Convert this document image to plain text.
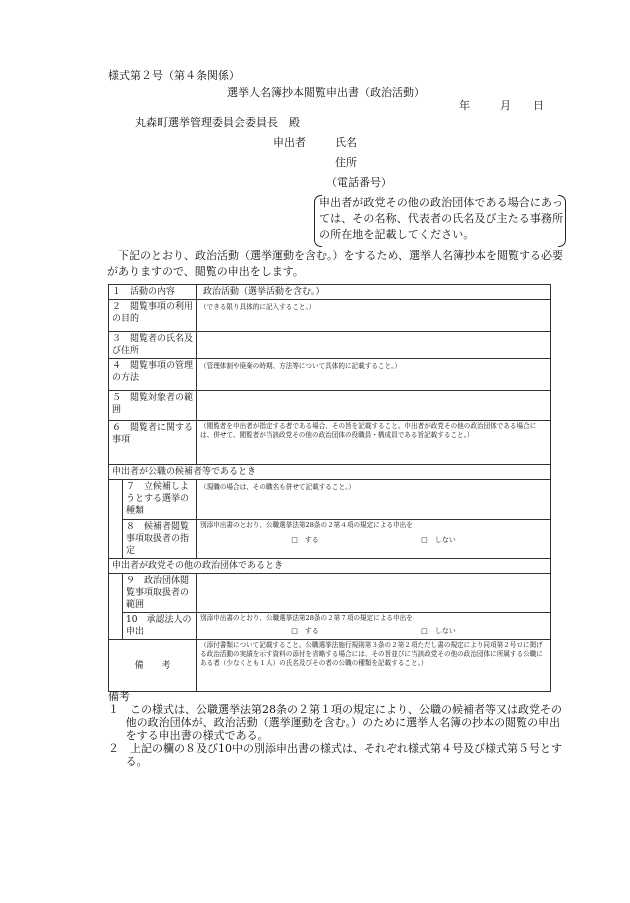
様式第２号（第４条関係）
選挙人名簿抄本閲覧申出書（政治活動）
年	月 日
丸森町選挙管理委員会委員長　殿
申出者	氏名
住所
（電話番号）
申出者が政党その他の政治団体である場合にあっては、その名称、代表者の氏名及び主たる事務所の所在地を記載してください。
下記のとおり、政治活動（選挙運動を含む。）をするため、選挙人名簿抄本を閲覧する必要がありますので、閲覧の申出をします。
１　活動の内容		政治活動（選挙活動を含む。）
２　閲覧事項の利用の目的		（できる限り具体的に記入すること。）
３　閲覧者の氏名及び住所		
４　閲覧事項の管理の方法		（管理体制や廃棄の時期、方法等について具体的に記載すること。）
５　閲覧対象者の範囲		
６　閲覧者に関する事項		（閲覧者を申出者が指定する者である場合、その旨を記載すること。申出者が政党その他の政治団体である場合には、併せて、閲覧者が当該政党その他の政治団体の役職員・構成員である旨記載すること。）

申出者が公職の候補者等であるとき		
	７　立候補しようとする選挙の種類	（現職の場合は、その職名も併せて記載すること。）
	８　候補者閲覧事項取扱者の指定	別添申出書のとおり、公職選挙法第28条の２第４項の規定による申出を
□　する □　しない

申出者が政党その他の政治団体であるとき		
	９　政治団体閲覧事項取扱者の範囲	
	10　承認法人の申出	別添申出書のとおり、公職選挙法第28条の２第７項の規定による申出を
□　する □　しない

備　　考		（添付書類について記載すること。公職選挙法施行規則第３条の２第２項ただし書の規定により同項第２号ロに掲げる政治活動の実績を示す資料の添付を省略する場合には、その旨並びに当該政党その他の政治団体に所属する公職にある者（少なくとも１人）の氏名及びその者の公職の種類を記載すること。）
備考

１　この様式は、公職選挙法第28条の２第１項の規定により、公職の候補者等又は政党その他の政治団体が、政治活動（選挙運動を含む。）のために選挙人名簿の抄本の閲覧の申出をする申出書の様式である。

２　上記の欄の８及び10中の別添申出書の様式は、それぞれ様式第４号及び様式第５号とする。
